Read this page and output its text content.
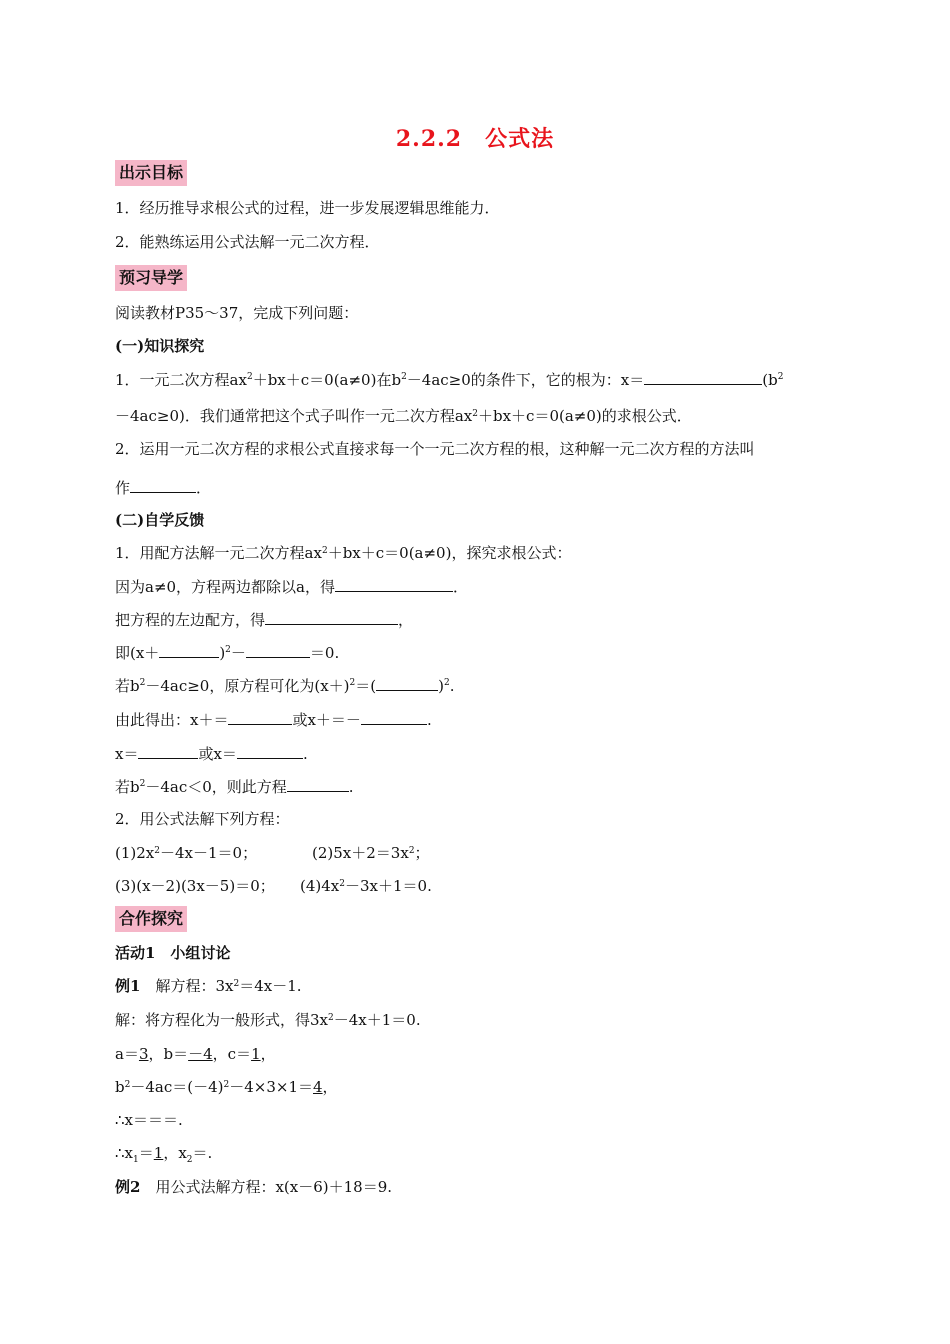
2.2.2　公式法
出示目标
1．经历推导求根公式的过程，进一步发展逻辑思维能力．
2．能熟练运用公式法解一元二次方程．
预习导学
阅读教材P35～37，完成下列问题：
(一)知识探究
1．一元二次方程$ax^2+bx+c=0(a\ne 0)$在$b^2-4ac\ge 0$的条件下，它的根为：x＝	($b^2$
－4ac≥0)．我们通常把这个式子叫作一元二次方程$ax^2+bx+c=0(a\ne 0)$的求根公式．
2．运用一元二次方程的求根公式直接求每一个一元二次方程的根，这种解一元二次方程的方法叫
作	．
(二)自学反馈
1．用配方法解一元二次方程$ax^2+bx+c=0(a\ne 0)$，探究求根公式：
因为a≠0，方程两边都除以a，得	．
把方程的左边配方，得	，
即(x＋	)$^2$－	＝0.
若$b^2-4ac\ge 0$，原方程可化为$(x+)^2=$(	)$^2$.
由此得出：x＋＝	或x＋＝－	.
x＝	或x＝	.
若$b^2-4ac<0$，则此方程	.
2．用公式法解下列方程：
$(1)2x^2-4x-1=0$；	$(2)5x+2=3x^2$；
(3)(x－2)(3x－5)＝0； $(4)4x^2-3x+1=0$.
合作探究
活动1　小组讨论
例1　解方程：$3x^2=4x-1$.
解：将方程化为一般形式，得$3x^2-4x+1=0$.
a＝3，b＝－4，c＝1，
$b^2-4ac=(-4)^2-4\times 3\times 1=4$，
∴x＝＝＝.
$\therefore x_1=1$，$x_2=$.
例2　用公式法解方程：x(x－6)＋18＝9.
